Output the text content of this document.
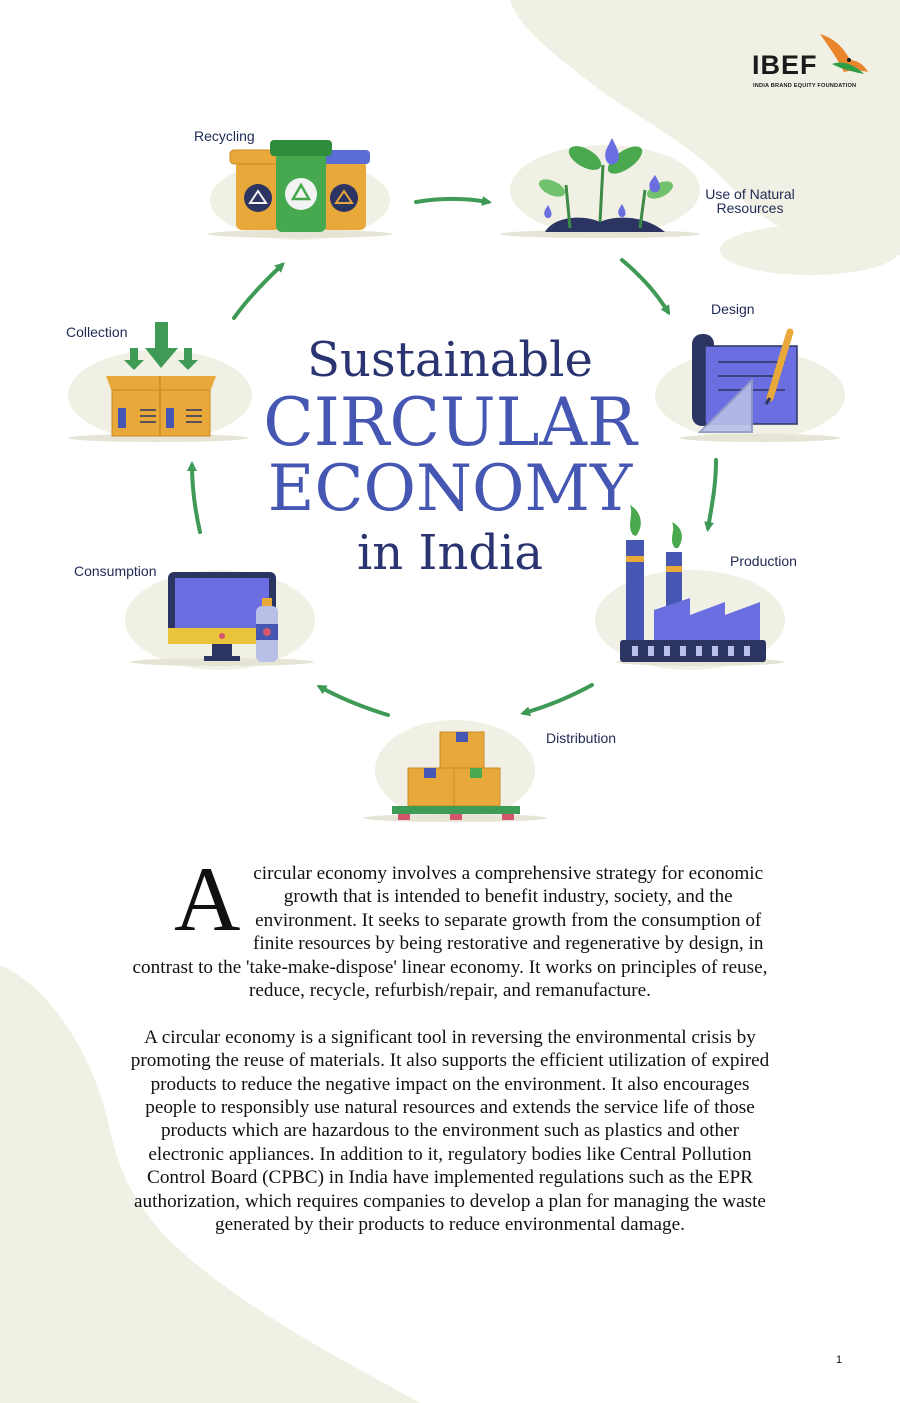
IBEF
INDIA BRAND EQUITY FOUNDATION
Recycling
Use of Natural
Resources
Design
Production
Distribution
Consumption
Collection	Sustainable
CIRCULAR
ECONOMY
in India

A circular economy involves a comprehensive strategy for economic growth that is intended to benefit industry, society, and the environment. It seeks to separate growth from the consumption of finite resources by being restorative and regenerative by design, in contrast to the 'take-make-dispose' linear economy. It works on principles of reuse, reduce, recycle, refurbish/repair, and remanufacture.

A circular economy is a significant tool in reversing the environmental crisis by promoting the reuse of materials. It also supports the efficient utilization of expired products to reduce the negative impact on the environment. It also encourages people to responsibly use natural resources and extends the service life of those products which are hazardous to the environment such as plastics and other electronic appliances. In addition to it, regulatory bodies like Central Pollution Control Board (CPBC) in India have implemented regulations such as the EPR authorization, which requires companies to develop a plan for managing the waste generated by their products to reduce environmental damage.

1
